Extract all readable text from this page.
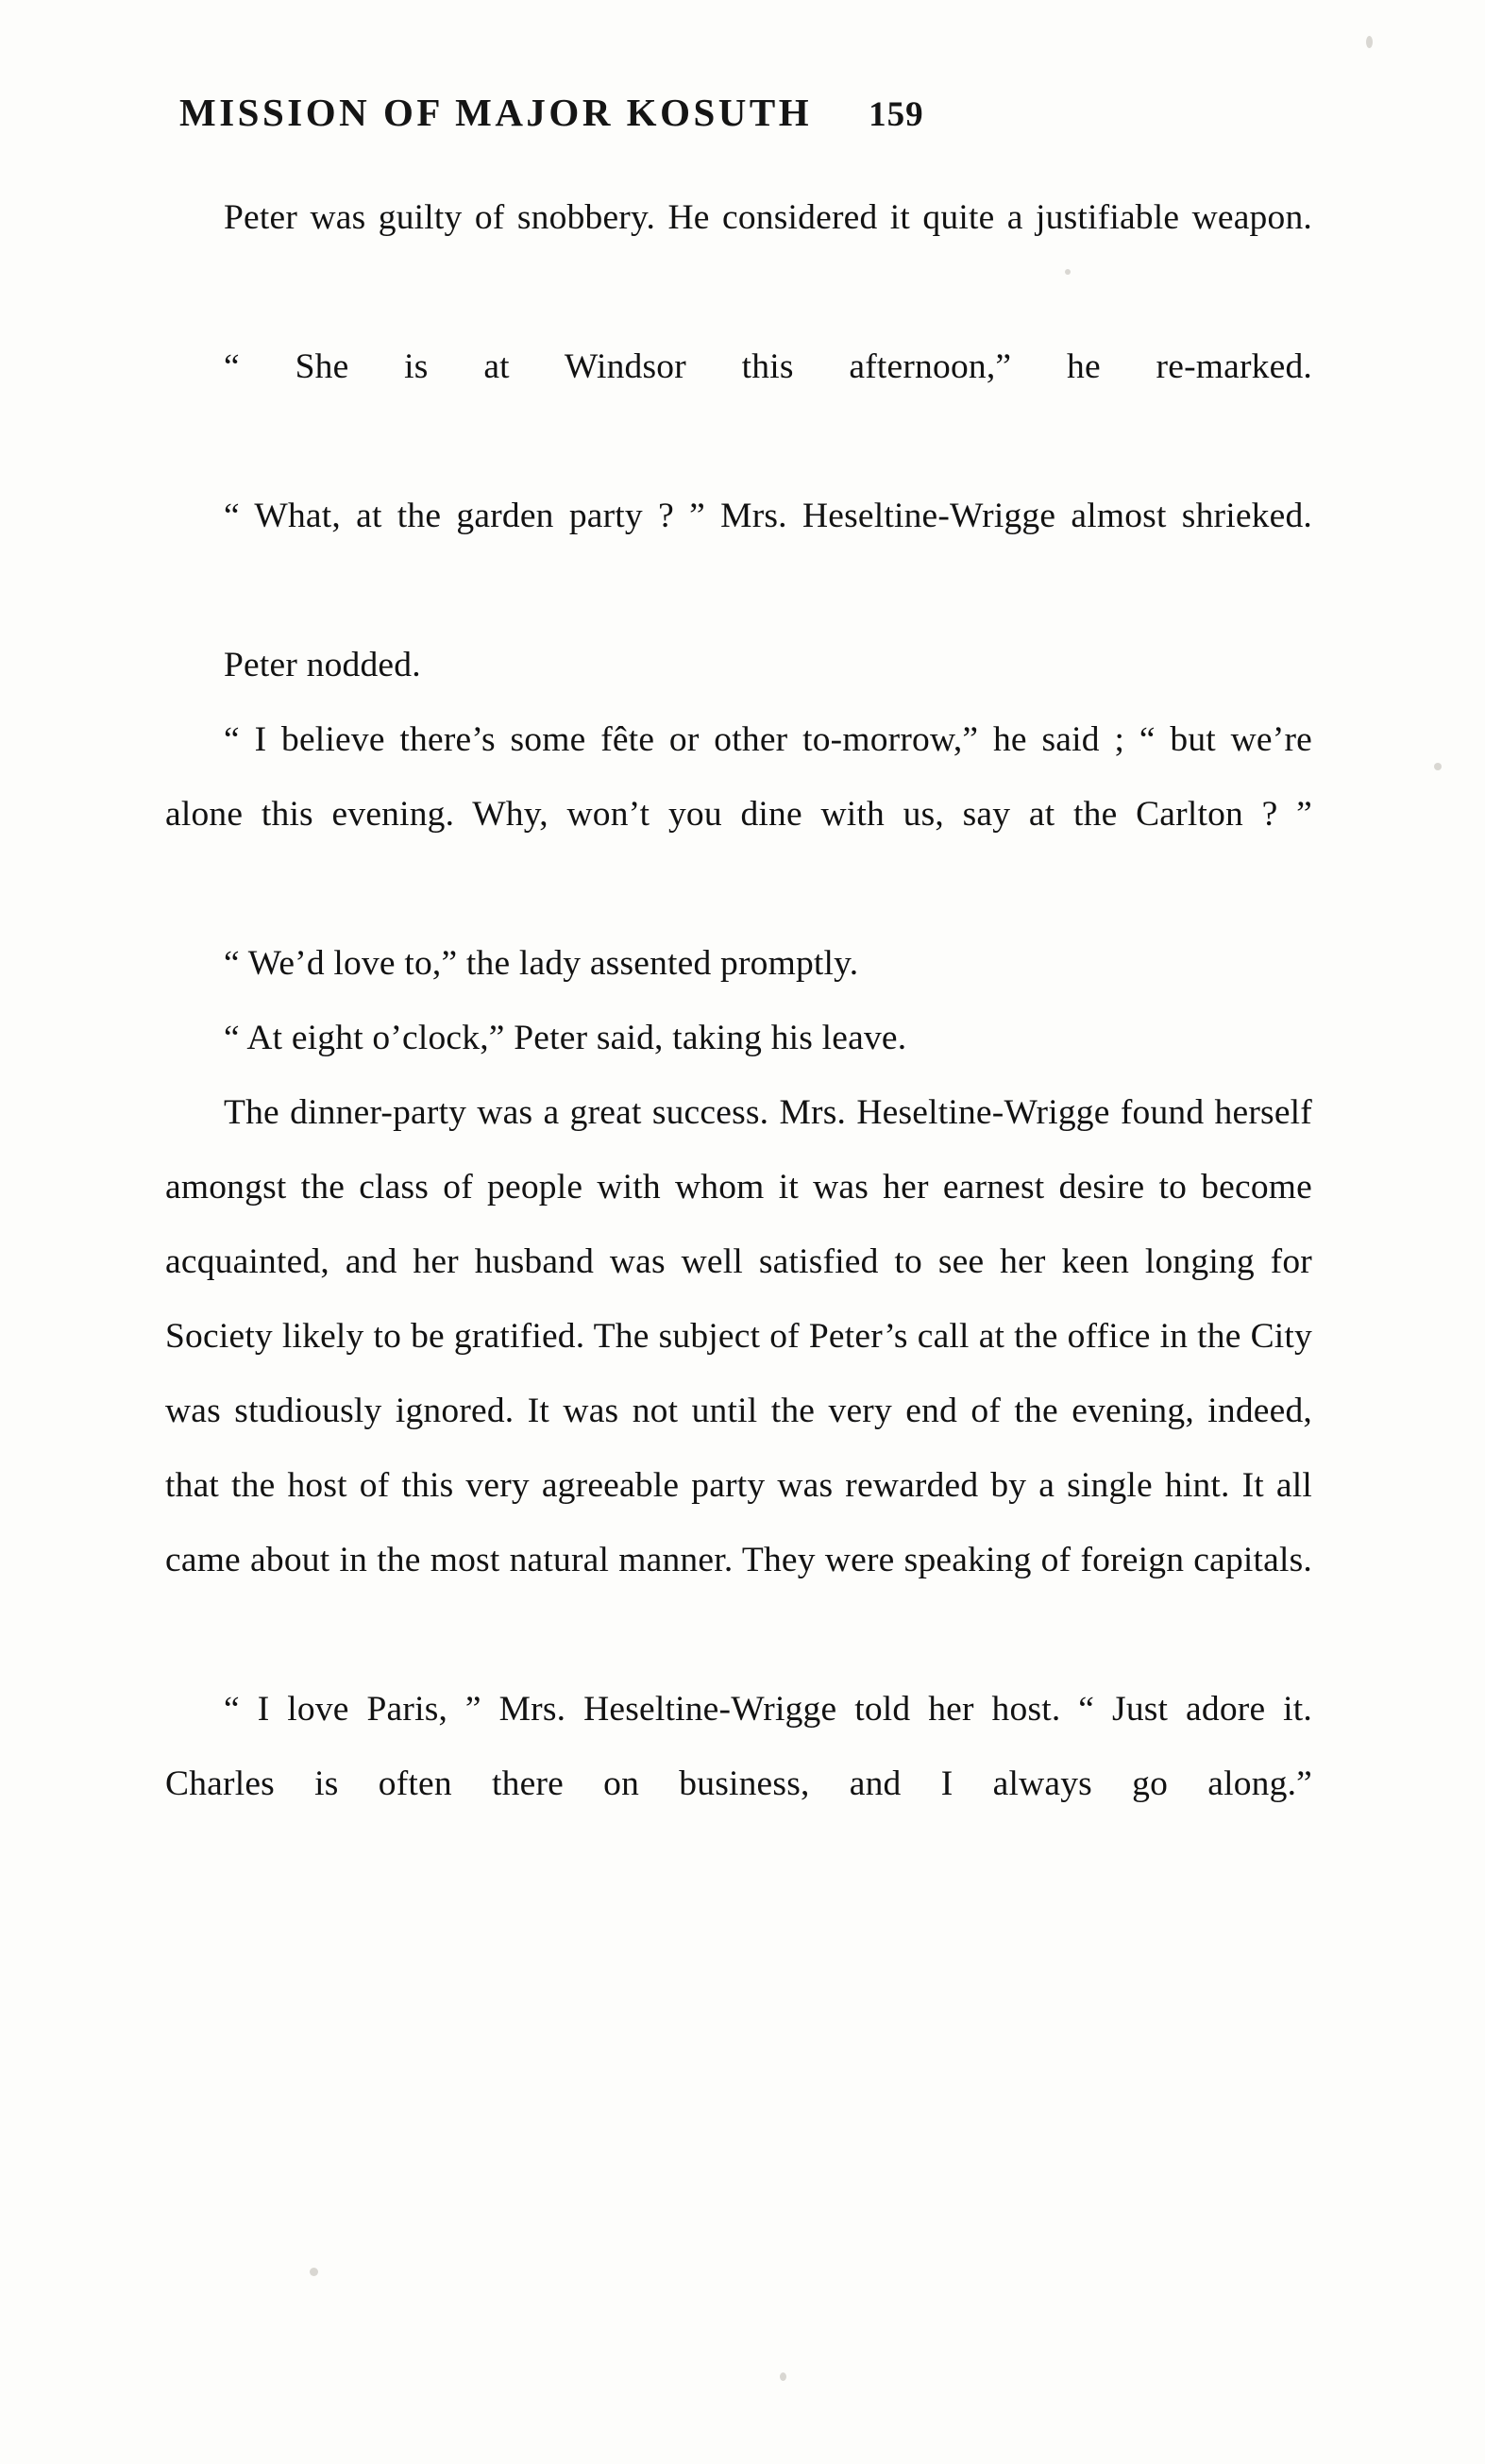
MISSION OF MAJOR KOSUTH 159

Peter was guilty of snobbery. He considered it quite a justifiable weapon.

“ She is at Windsor this afternoon,” he re-marked.

“ What, at the garden party ? ” Mrs. Heseltine-Wrigge almost shrieked.

Peter nodded.

“ I believe there’s some fête or other to-morrow,” he said ; “ but we’re alone this evening. Why, won’t you dine with us, say at the Carlton ? ”

“ We’d love to,” the lady assented promptly.

“ At eight o’clock,” Peter said, taking his leave.

The dinner-party was a great success. Mrs. Heseltine-Wrigge found herself amongst the class of people with whom it was her earnest desire to become acquainted, and her husband was well satisfied to see her keen longing for Society likely to be gratified. The subject of Peter’s call at the office in the City was studiously ignored. It was not until the very end of the evening, indeed, that the host of this very agreeable party was rewarded by a single hint. It all came about in the most natural manner. They were speaking of foreign capitals.

“ I love Paris, ” Mrs. Heseltine-Wrigge told her host. “ Just adore it. Charles is often there on business, and I always go along.”
